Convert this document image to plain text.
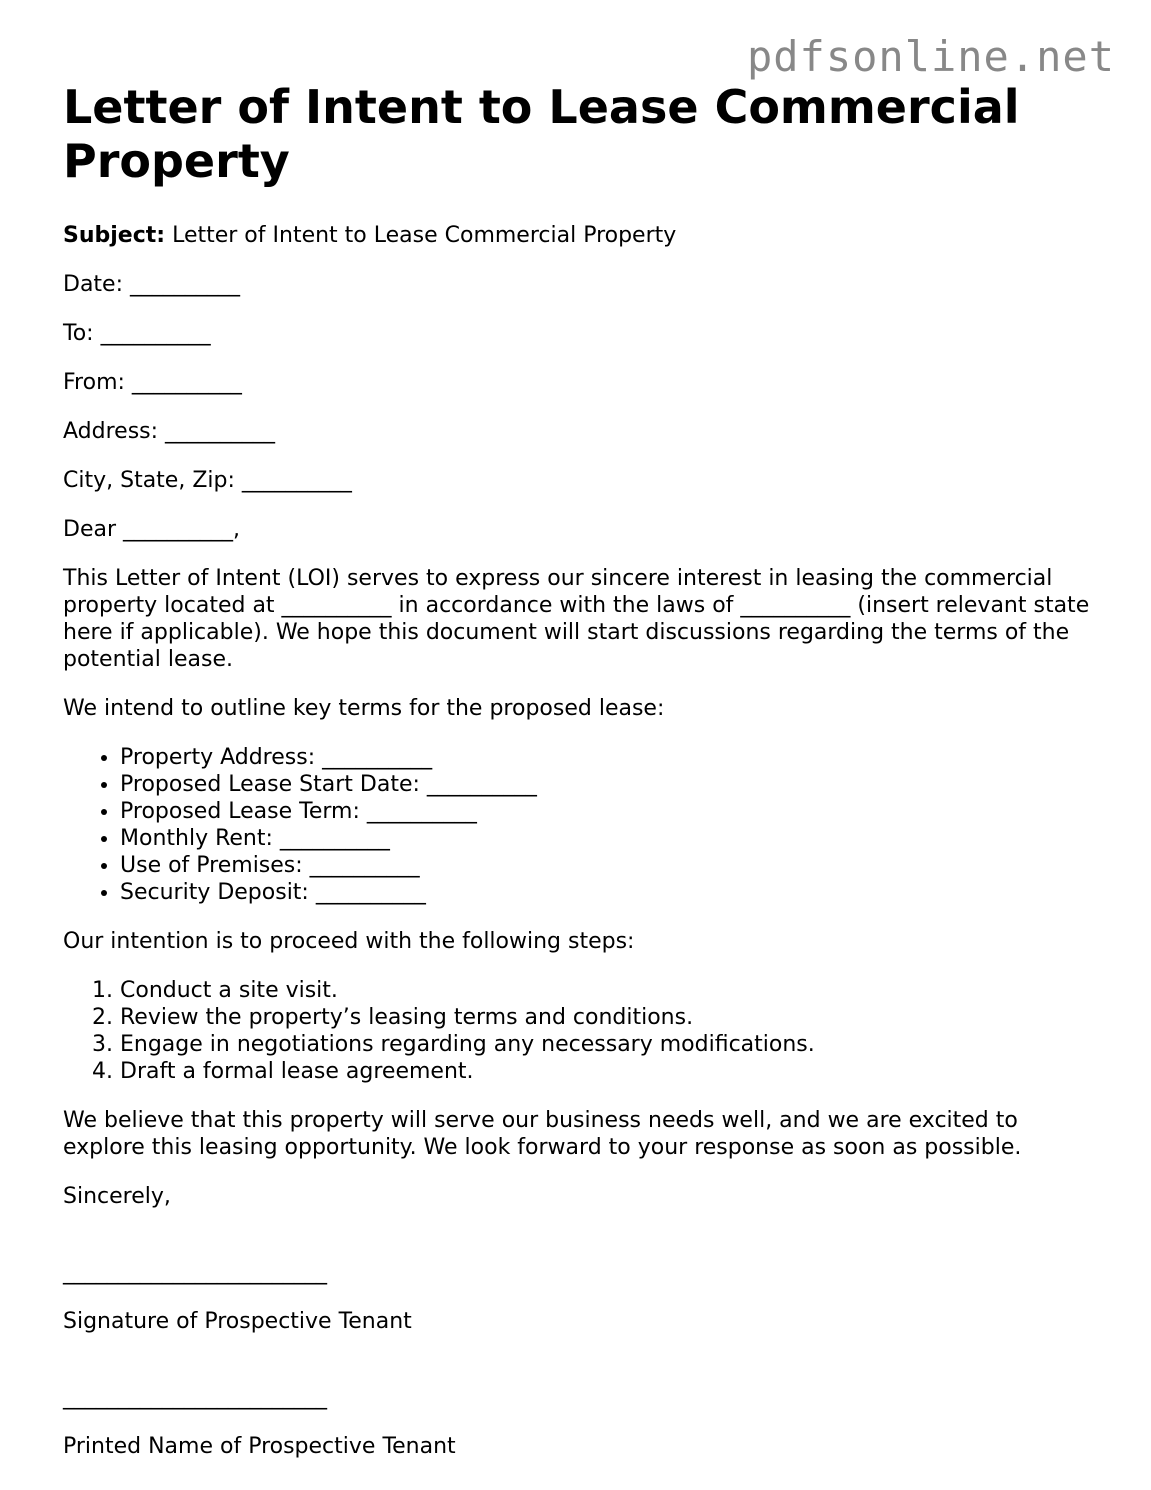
pdfsonline.net
Letter of Intent to Lease Commercial Property

Subject: Letter of Intent to Lease Commercial Property

Date: __________

To: __________

From: __________

Address: __________

City, State, Zip: __________

Dear __________,

This Letter of Intent (LOI) serves to express our sincere interest in leasing the commercial property located at __________ in accordance with the laws of __________ (insert relevant state here if applicable). We hope this document will start discussions regarding the terms of the potential lease.

We intend to outline key terms for the proposed lease:

• Property Address: __________
• Proposed Lease Start Date: __________
• Proposed Lease Term: __________
• Monthly Rent: __________
• Use of Premises: __________
• Security Deposit: __________

Our intention is to proceed with the following steps:

1. Conduct a site visit.
2. Review the property’s leasing terms and conditions.
3. Engage in negotiations regarding any necessary modifications.
4. Draft a formal lease agreement.

We believe that this property will serve our business needs well, and we are excited to explore this leasing opportunity. We look forward to your response as soon as possible.

Sincerely,

________________________

Signature of Prospective Tenant

________________________

Printed Name of Prospective Tenant
